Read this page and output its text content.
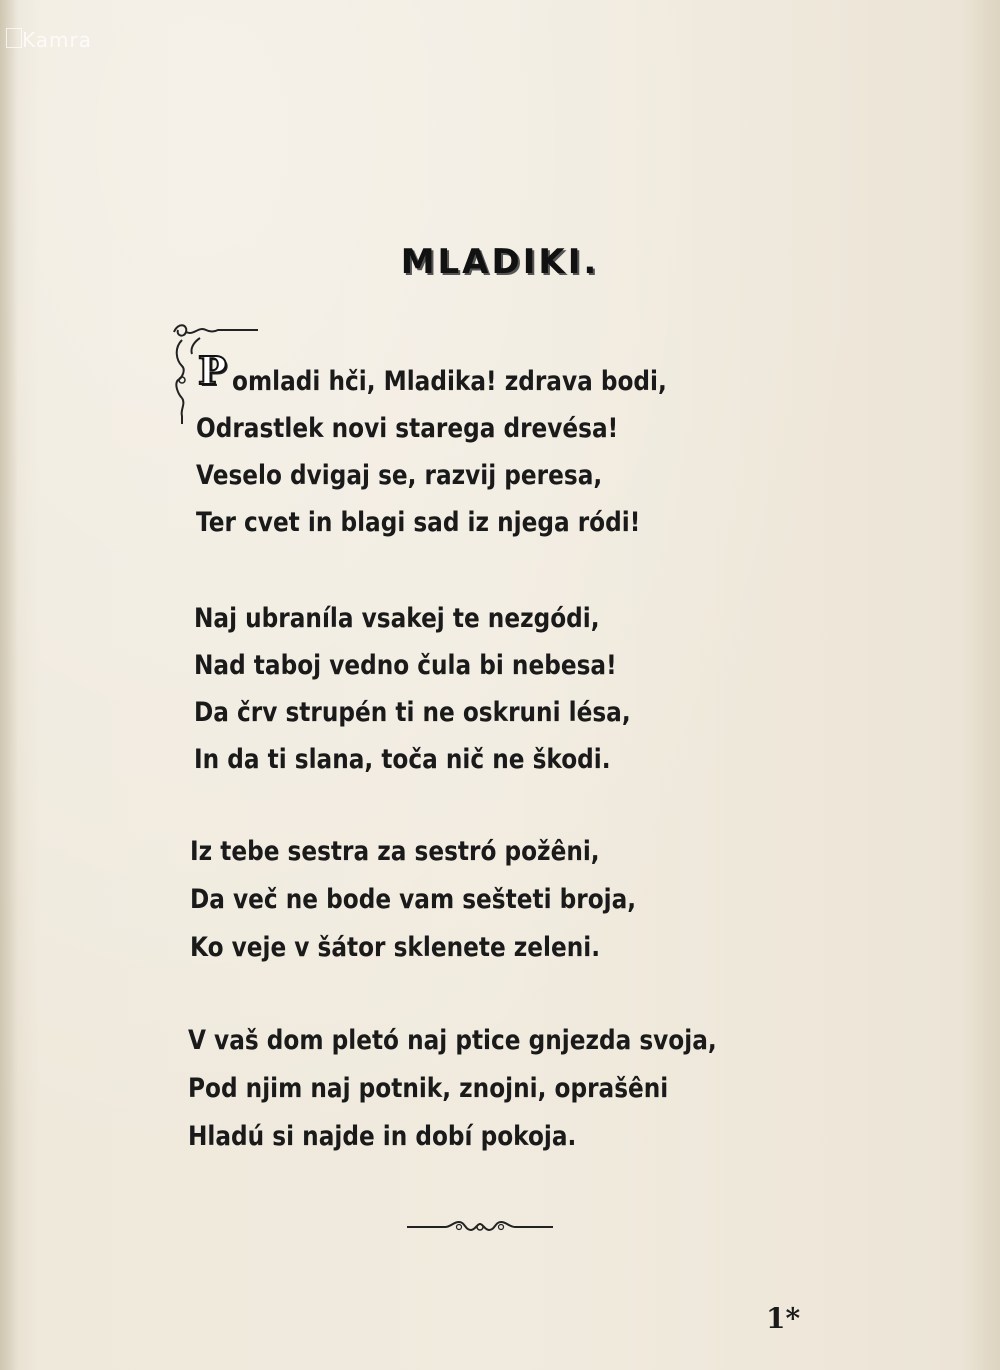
Kamra
MLADIKI.
P omladi hči, Mladika! zdrava bodi,
Odrastlek novi starega drevésa!
Veselo dvigaj se, razvij peresa,
Ter cvet in blagi sad iz njega ródi!
Naj ubraníla vsakej te nezgódi,
Nad taboj vedno čula bi nebesa!
Da črv strupén ti ne oskruni lésa,
In da ti slana, toča nič ne škodi.
Iz tebe sestra za sestró požêni,
Da več ne bode vam sešteti broja,
Ko veje v šátor sklenete zeleni.
V vaš dom pletó naj ptice gnjezda svoja,
Pod njim naj potnik, znojni, oprašêni
Hladú si najde in dobí pokoja.
1*
